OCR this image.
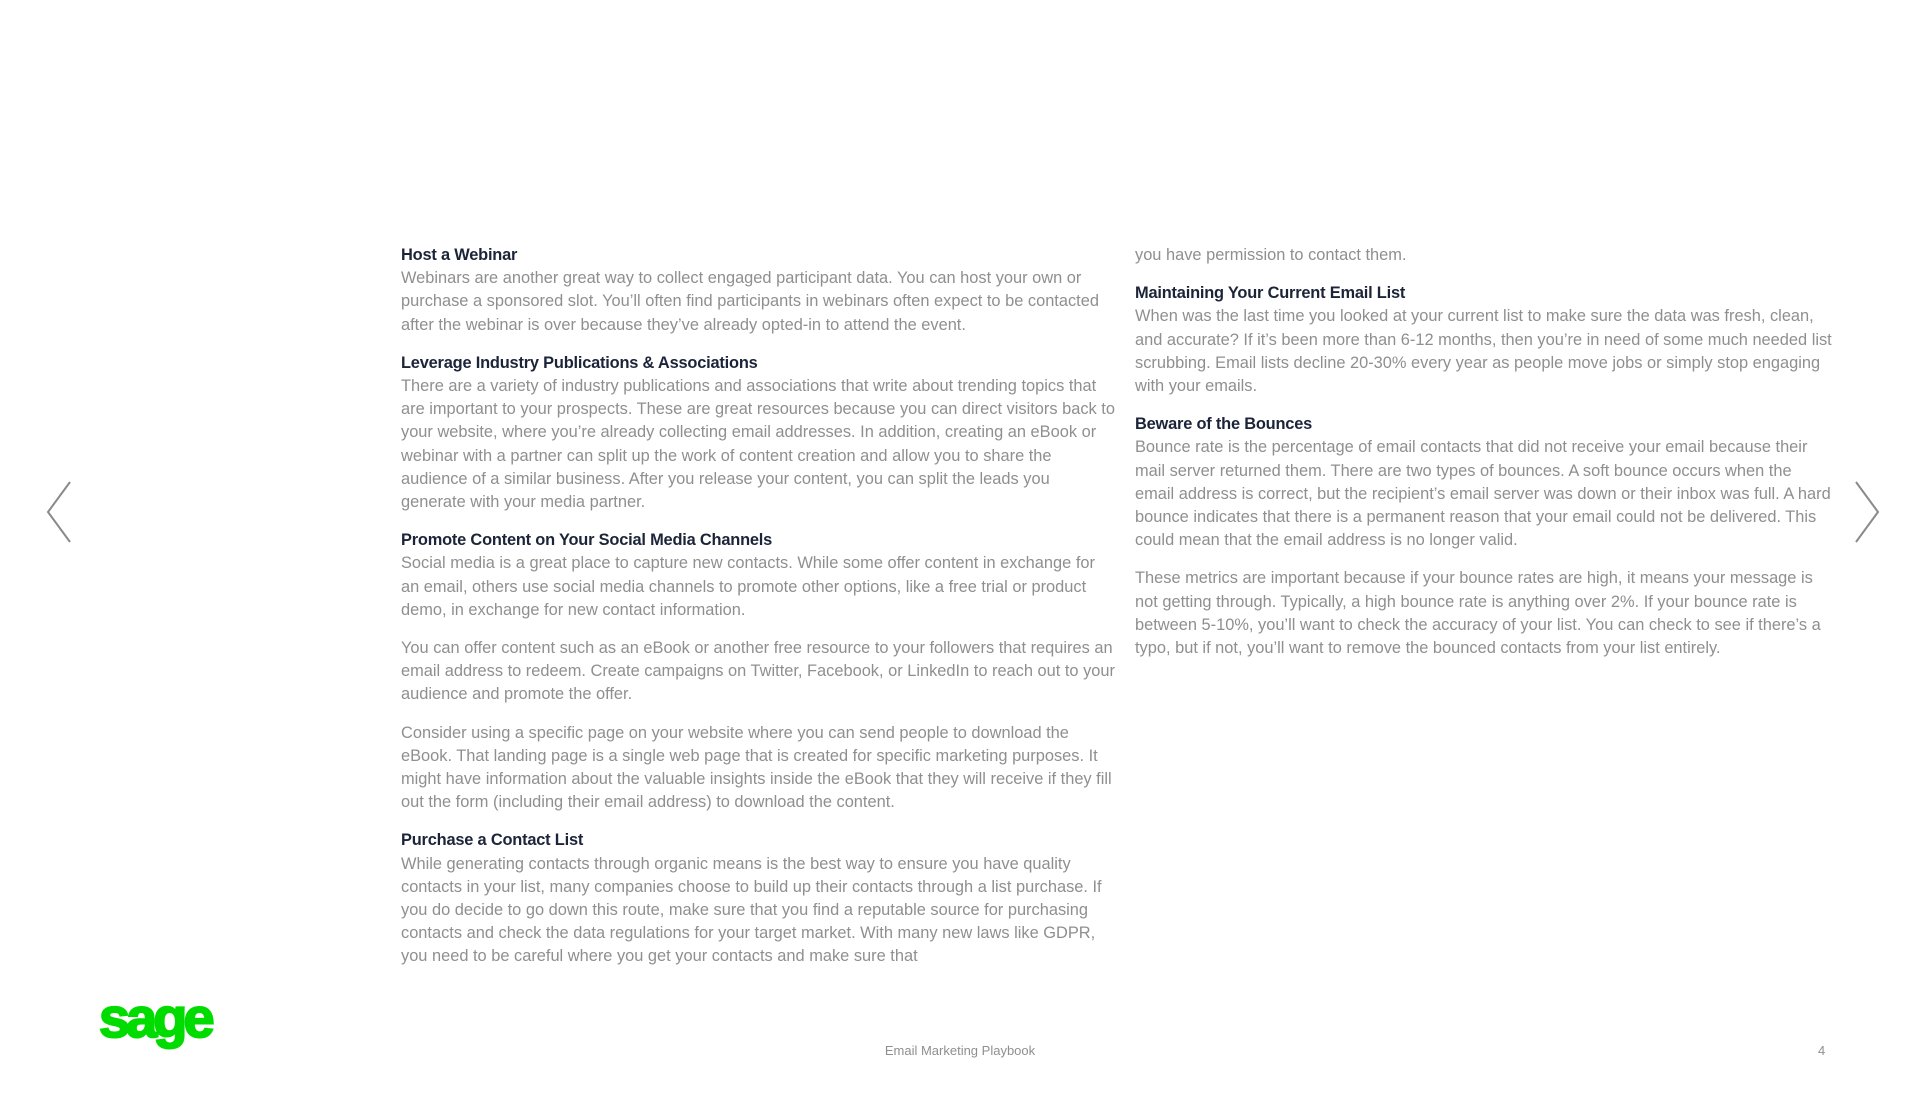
Host a Webinar

Webinars are another great way to collect engaged participant data. You can host your own or purchase a sponsored slot. You’ll often find participants in webinars often expect to be contacted after the webinar is over because they’ve already opted-in to attend the event.

Leverage Industry Publications & Associations

There are a variety of industry publications and associations that write about trending topics that are important to your prospects. These are great resources because you can direct visitors back to your website, where you’re already collecting email addresses. In addition, creating an eBook or webinar with a partner can split up the work of content creation and allow you to share the audience of a similar business. After you release your content, you can split the leads you generate with your media partner.

Promote Content on Your Social Media Channels

Social media is a great place to capture new contacts. While some offer content in exchange for an email, others use social media channels to promote other options, like a free trial or product demo, in exchange for new contact information.

You can offer content such as an eBook or another free resource to your followers that requires an email address to redeem. Create campaigns on Twitter, Facebook, or LinkedIn to reach out to your audience and promote the offer.

Consider using a specific page on your website where you can send people to download the eBook. That landing page is a single web page that is created for specific marketing purposes. It might have information about the valuable insights inside the eBook that they will receive if they fill out the form (including their email address) to download the content.

Purchase a Contact List

While generating contacts through organic means is the best way to ensure you have quality contacts in your list, many companies choose to build up their contacts through a list purchase. If you do decide to go down this route, make sure that you find a reputable source for purchasing contacts and check the data regulations for your target market. With many new laws like GDPR, you need to be careful where you get your contacts and make sure that

you have permission to contact them.

Maintaining Your Current Email List

When was the last time you looked at your current list to make sure the data was fresh, clean, and accurate? If it’s been more than 6-12 months, then you’re in need of some much needed list scrubbing. Email lists decline 20-30% every year as people move jobs or simply stop engaging with your emails.

Beware of the Bounces

Bounce rate is the percentage of email contacts that did not receive your email because their mail server returned them. There are two types of bounces. A soft bounce occurs when the email address is correct, but the recipient’s email server was down or their inbox was full. A hard bounce indicates that there is a permanent reason that your email could not be delivered. This could mean that the email address is no longer valid.

These metrics are important because if your bounce rates are high, it means your message is not getting through. Typically, a high bounce rate is anything over 2%. If your bounce rate is between 5-10%, you’ll want to check the accuracy of your list. You can check to see if there’s a typo, but if not, you’ll want to remove the bounced contacts from your list entirely.

sage
Email Marketing Playbook	4
